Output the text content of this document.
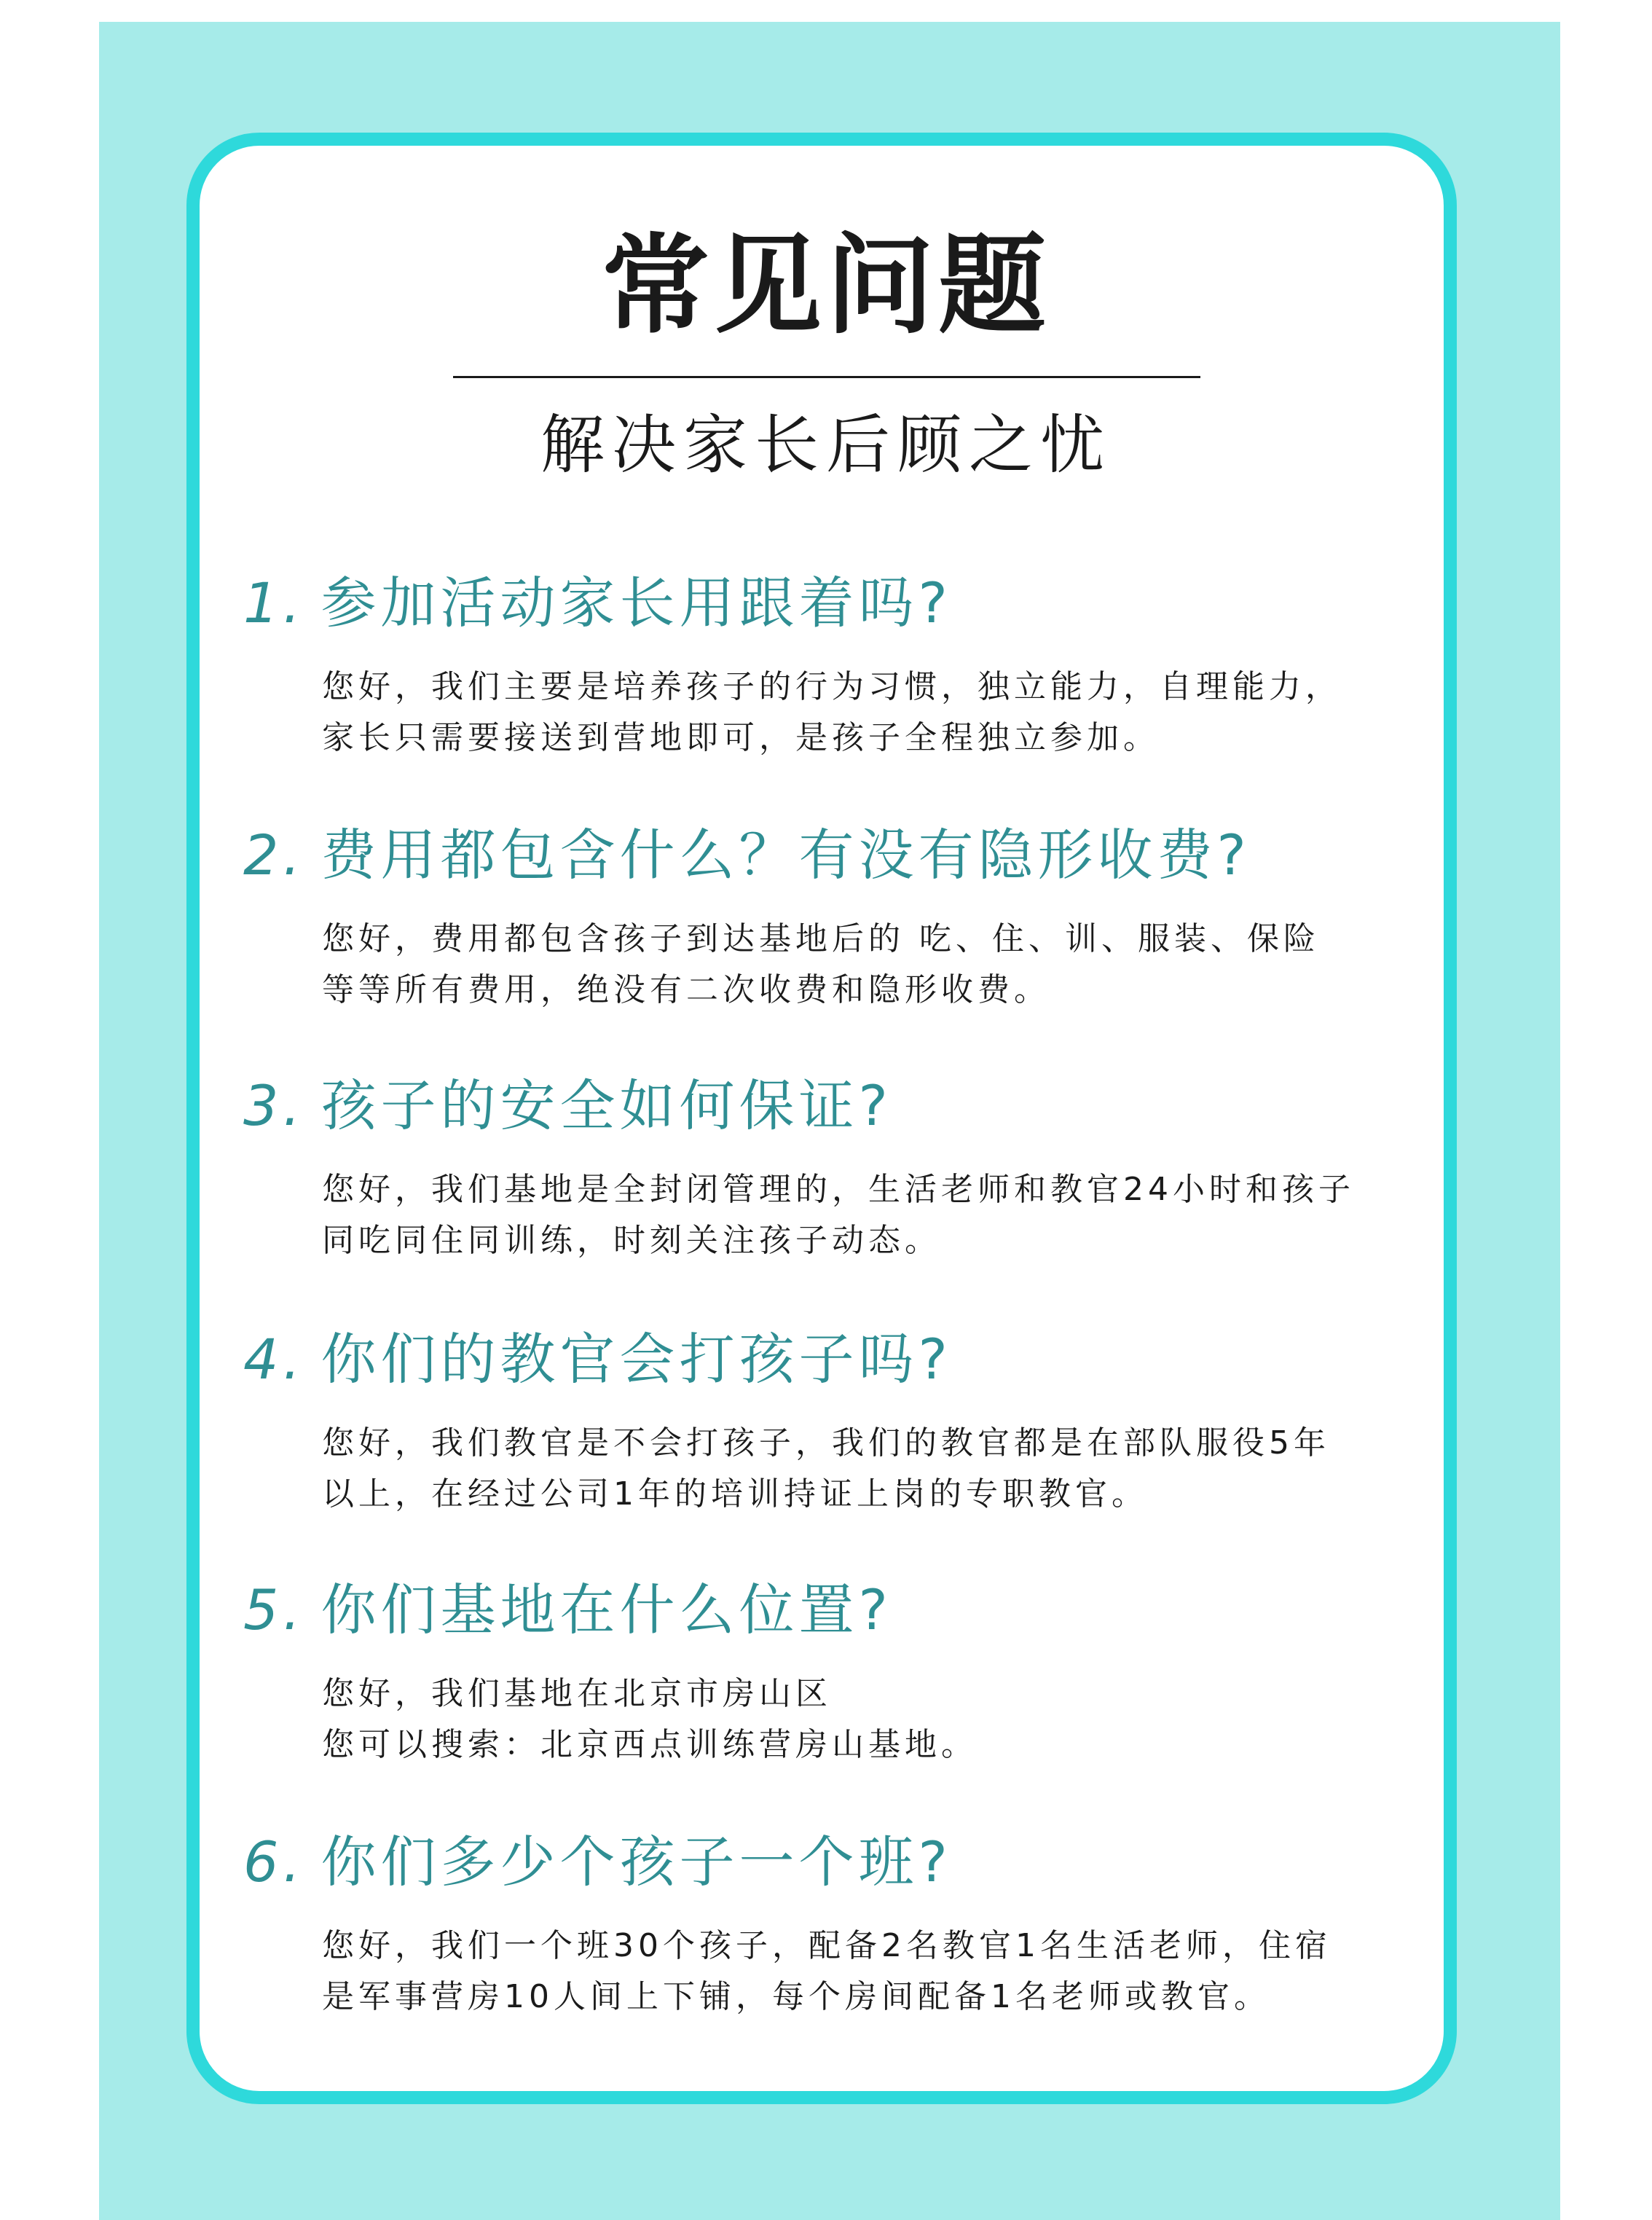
常见问题
解决家长后顾之忧
1. 参加活动家长用跟着吗?
您好，我们主要是培养孩子的行为习惯，独立能力，自理能力，
家长只需要接送到营地即可，是孩子全程独立参加。
2. 费用都包含什么？有没有隐形收费?
您好，费用都包含孩子到达基地后的 吃、住、训、服装、保险
等等所有费用，绝没有二次收费和隐形收费。
3. 孩子的安全如何保证?
您好，我们基地是全封闭管理的，生活老师和教官24小时和孩子
同吃同住同训练，时刻关注孩子动态。
4. 你们的教官会打孩子吗?
您好，我们教官是不会打孩子，我们的教官都是在部队服役5年
以上，在经过公司1年的培训持证上岗的专职教官。
5. 你们基地在什么位置?
您好，我们基地在北京市房山区
您可以搜索：北京西点训练营房山基地。
6. 你们多少个孩子一个班?
您好，我们一个班30个孩子，配备2名教官1名生活老师，住宿
是军事营房10人间上下铺，每个房间配备1名老师或教官。
